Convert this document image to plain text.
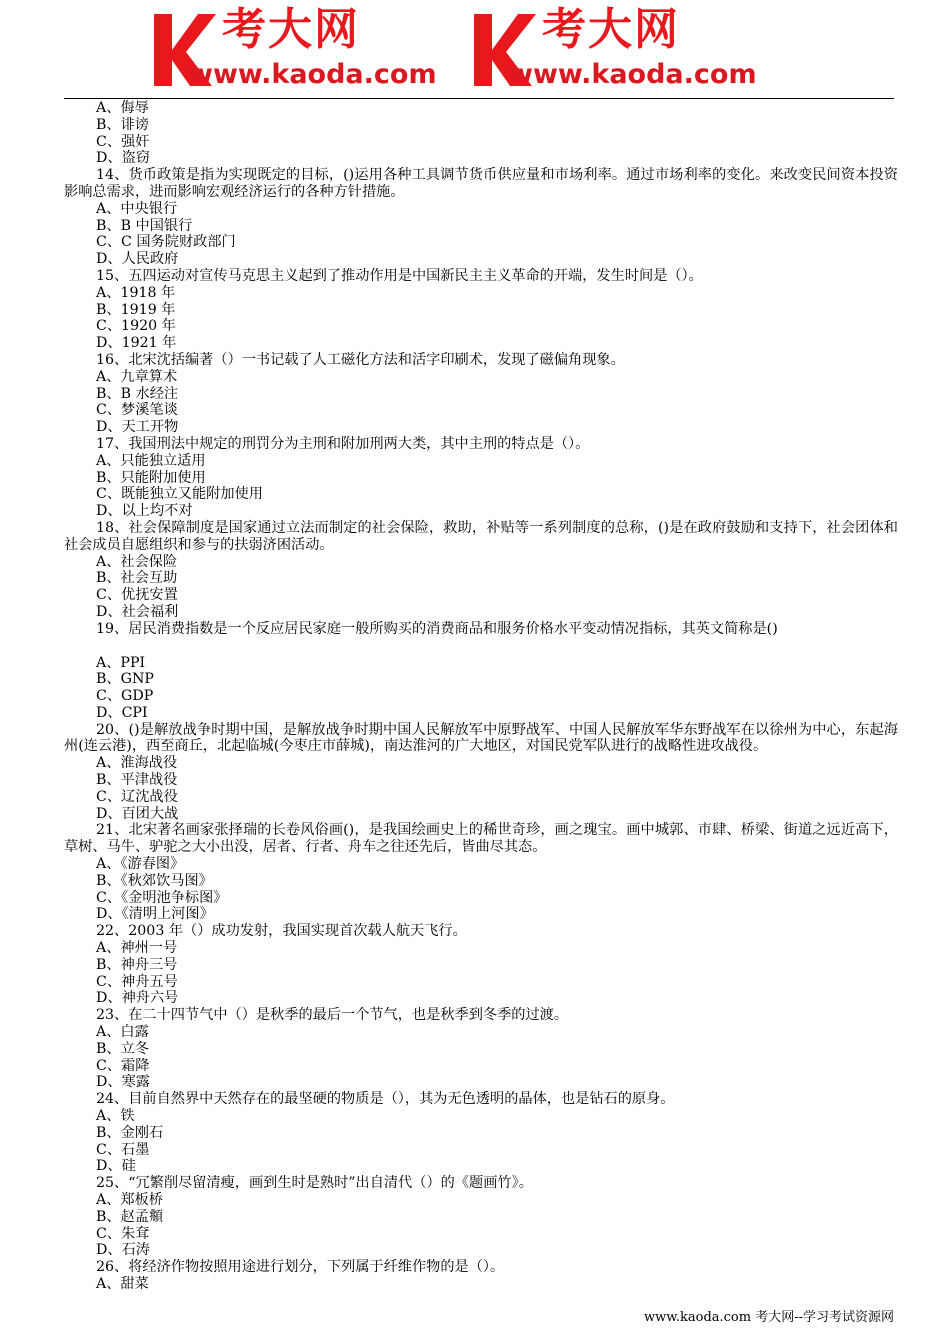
考大网
www.kaoda.com
考大网
www.kaoda.com
A、侮辱
B、诽谤
C、强奸
D、盗窃
14、货币政策是指为实现既定的目标，()运用各种工具调节货币供应量和市场利率。通过市场利率的变化。来改变民间资本投资影响总需求，进而影响宏观经济运行的各种方针措施。
A、中央银行
B、B 中国银行
C、C 国务院财政部门
D、人民政府
15、五四运动对宣传马克思主义起到了推动作用是中国新民主主义革命的开端，发生时间是（）。
A、1918 年
B、1919 年
C、1920 年
D、1921 年
16、北宋沈括编著（）一书记载了人工磁化方法和活字印刷术，发现了磁偏角现象。
A、九章算术
B、B 水经注
C、梦溪笔谈
D、天工开物
17、我国刑法中规定的刑罚分为主刑和附加刑两大类，其中主刑的特点是（）。
A、只能独立适用
B、只能附加使用
C、既能独立又能附加使用
D、以上均不对
18、社会保障制度是国家通过立法而制定的社会保险，救助，补贴等一系列制度的总称，()是在政府鼓励和支持下，社会团体和社会成员自愿组织和参与的扶弱济困活动。
A、社会保险
B、社会互助
C、优抚安置
D、社会福利
19、居民消费指数是一个反应居民家庭一般所购买的消费商品和服务价格水平变动情况指标，其英文简称是()
A、PPI
B、GNP
C、GDP
D、CPI
20、()是解放战争时期中国，是解放战争时期中国人民解放军中原野战军、中国人民解放军华东野战军在以徐州为中心，东起海州(连云港)，西至商丘，北起临城(今枣庄市薛城)，南达淮河的广大地区，对国民党军队进行的战略性进攻战役。
A、淮海战役
B、平津战役
C、辽沈战役
D、百团大战
21、北宋著名画家张择瑞的长卷风俗画()，是我国绘画史上的稀世奇珍，画之瑰宝。画中城郭、市肆、桥梁、街道之远近高下，草树、马牛、驴驼之大小出没，居者、行者、舟车之往还先后，皆曲尽其态。
A、《游春图》
B、《秋郊饮马图》
C、《金明池争标图》
D、《清明上河图》
22、2003 年（）成功发射，我国实现首次载人航天飞行。
A、神州一号
B、神舟三号
C、神舟五号
D、神舟六号
23、在二十四节气中（）是秋季的最后一个节气，也是秋季到冬季的过渡。
A、白露
B、立冬
C、霜降
D、寒露
24、目前自然界中天然存在的最坚硬的物质是（），其为无色透明的晶体，也是钻石的原身。
A、铁
B、金刚石
C、石墨
D、硅
25、“冗繁削尽留清瘦，画到生时是熟时”出自清代（）的《题画竹》。
A、郑板桥
B、赵孟頫
C、朱耷
D、石涛
26、将经济作物按照用途进行划分，下列属于纤维作物的是（）。
A、甜菜
www.kaoda.com 考大网--学习考试资源网
